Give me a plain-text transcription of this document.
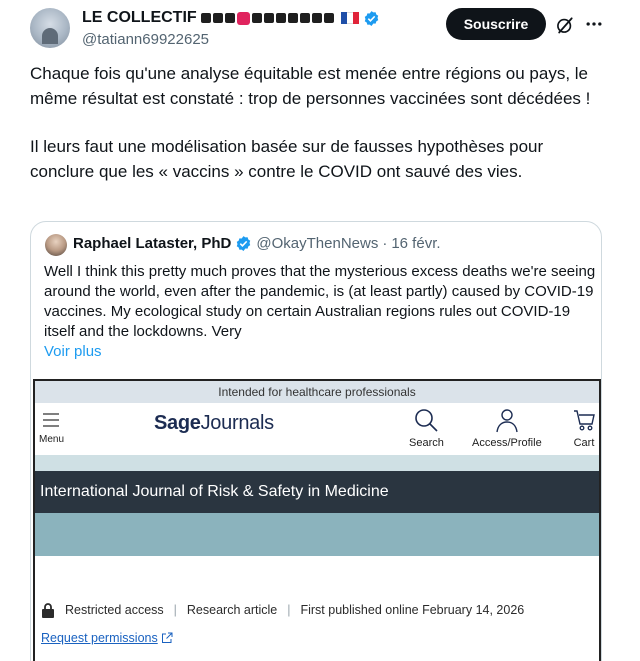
LE COLLECTIF
@tatiann69922625
Souscrire

Chaque fois qu'une analyse équitable est menée entre régions ou pays, le même résultat est constaté : trop de personnes vaccinées sont décédées !

Il leurs faut une modélisation basée sur de fausses hypothèses pour conclure que les « vaccins » contre le COVID ont sauvé des vies.

Raphael Lataster, PhD @OkayThenNews · 16 févr.
Well I think this pretty much proves that the mysterious excess deaths we're seeing around the world, even after the pandemic, is (at least partly) caused by COVID-19 vaccines. My ecological study on certain Australian regions rules out COVID-19 itself and the lockdowns. Very
Voir plus
Intended for healthcare professionals
Menu
SageJournals
Search	Access/Profile	Cart
International Journal of Risk & Safety in Medicine
Restricted access | Research article | First published online February 14, 2026
Request permissions
